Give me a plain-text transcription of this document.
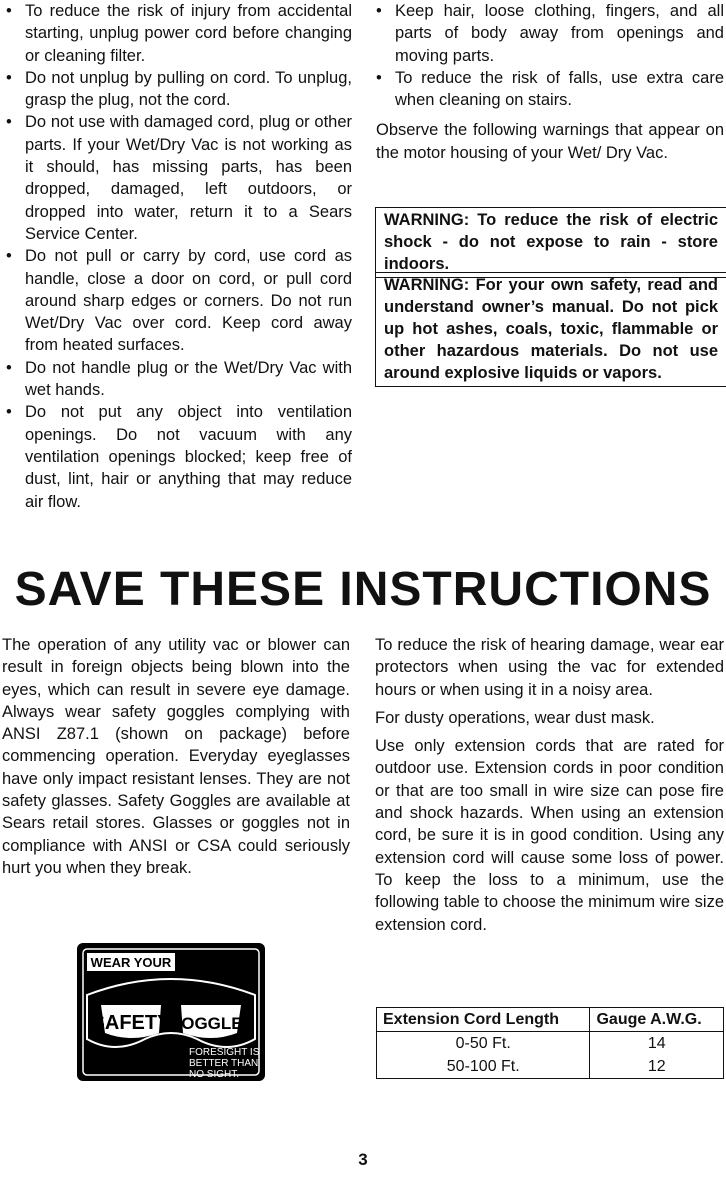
• To reduce the risk of injury from accidental starting, unplug power cord before changing or cleaning filter.
• Do not unplug by pulling on cord. To unplug, grasp the plug, not the cord.
• Do not use with damaged cord, plug or other parts. If your Wet/Dry Vac is not working as it should, has missing parts, has been dropped, damaged, left outdoors, or dropped into water, return it to a Sears Service Center.
• Do not pull or carry by cord, use cord as handle, close a door on cord, or pull cord around sharp edges or corners. Do not run Wet/Dry Vac over cord. Keep cord away from heated surfaces.
• Do not handle plug or the Wet/Dry Vac with wet hands.
• Do not put any object into ventilation openings. Do not vacuum with any ventilation openings blocked; keep free of dust, lint, hair or anything that may reduce air flow.
• Keep hair, loose clothing, fingers, and all parts of body away from openings and moving parts.
• To reduce the risk of falls, use extra care when cleaning on stairs.

Observe the following warnings that appear on the motor housing of your Wet/ Dry Vac.

WARNING: To reduce the risk of electric shock - do not expose to rain - store indoors.
WARNING: For your own safety, read and understand owner’s manual. Do not pick up hot ashes, coals, toxic, flammable or other hazardous materials. Do not use around explosive liquids or vapors.
SAVE THESE INSTRUCTIONS

The operation of any utility vac or blower can result in foreign objects being blown into the eyes, which can result in severe eye damage. Always wear safety goggles complying with ANSI Z87.1 (shown on package) before commencing operation. Everyday eyeglasses have only impact resistant lenses. They are not safety glasses. Safety Goggles are available at Sears retail stores. Glasses or goggles not in compliance with ANSI or CSA could seriously hurt you when they break.

WEAR YOUR
SAFETY
GOGGLES
FORESIGHT IS
BETTER THAN
NO SIGHT.

To reduce the risk of hearing damage, wear ear protectors when using the vac for extended hours or when using it in a noisy area.

For dusty operations, wear dust mask.

Use only extension cords that are rated for outdoor use. Extension cords in poor condition or that are too small in wire size can pose fire and shock hazards. When using an extension cord, be sure it is in good condition. Using any extension cord will cause some loss of power. To keep the loss to a minimum, use the following table to choose the minimum wire size extension cord.

Extension Cord Length	Gauge A.W.G.
0-50 Ft.	14
50-100 Ft.	12
3
